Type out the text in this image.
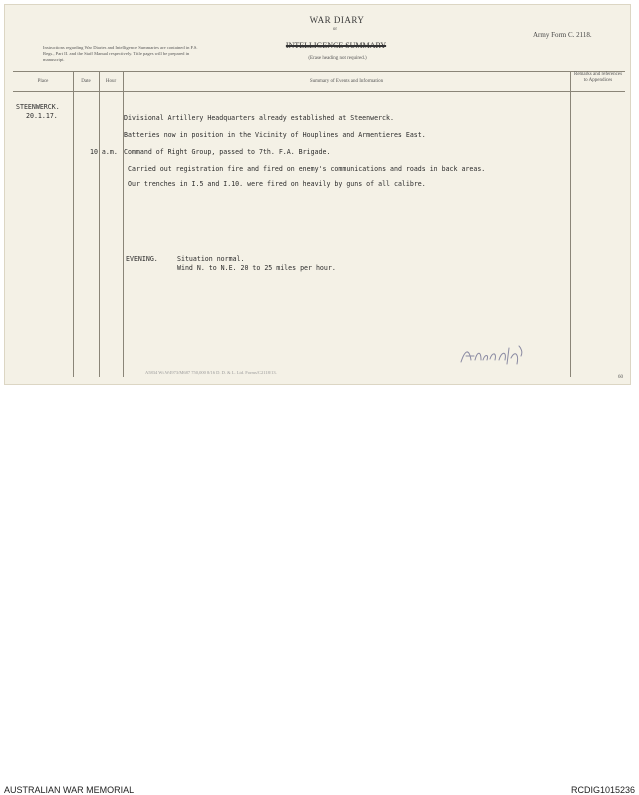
WAR DIARY
or
INTELLIGENCE SUMMARY
(Erase heading not required.)
Instructions regarding War Diaries and Intelligence Summaries are contained in F.S. Regs., Part II. and the Staff Manual respectively. Title pages will be prepared in manuscript.
Army Form C. 2118.
Place	Date	Hour	Summary of Events and Information
Remarks and references to Appendices
STEENWERCK.
20.1.17.	Divisional Artillery Headquarters already established at Steenwerck.
Batteries now in position in the Vicinity of Houplines and Armentieres East.
10 a.m. Command of Right Group, passed to 7th. F.A. Brigade.
Carried out registration fire and fired on enemy's communications and roads in back areas.
Our trenches in I.5 and I.10. were fired on heavily by guns of all calibre.
EVENING.	Situation normal.
Wind N. to N.E. 20 to 25 miles per hour.
A5834 Wt.W4973/M687 750,000 8/16 D. D. & L. Ltd. Forms/C2118/13.
60
AUSTRALIAN WAR MEMORIAL	RCDIG1015236
